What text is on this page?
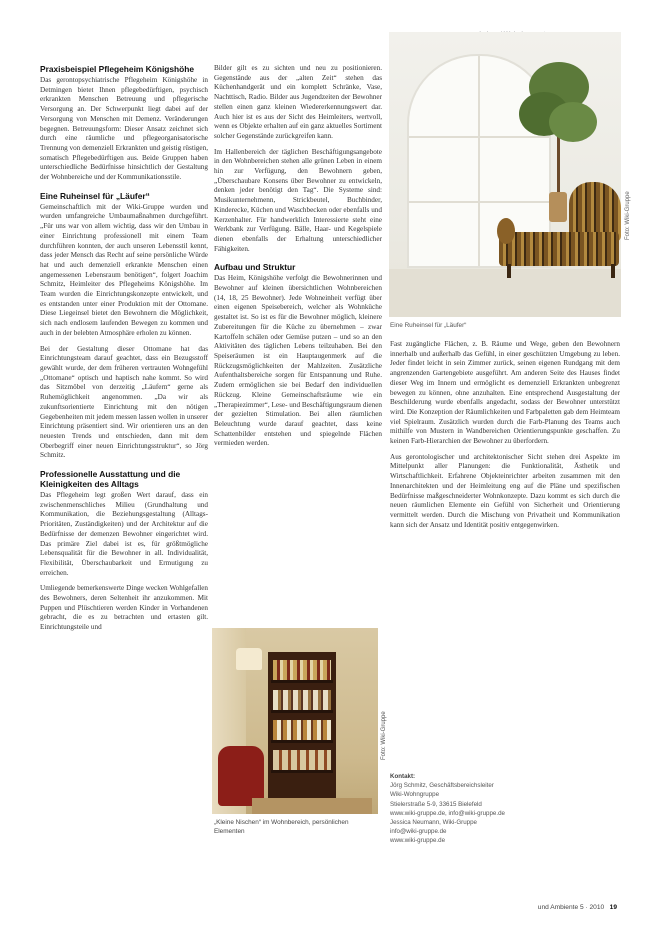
Praxisbeispiel Pflegeheim Königshöhe

Das gerontopsychiatrische Pflegeheim Königshöhe in Detmingen bietet Ihnen pflegebedürftigen, psychisch erkrankten Menschen Betreuung und pflegerische Versorgung an. Der Schwerpunkt liegt dabei auf der Versorgung von Menschen mit Demenz. Veränderungen begegnen. Betreuungsform: Dieser Ansatz zeichnet sich durch eine räumliche und pflegeorganisatorische Trennung von demenziell Erkrankten und geistig rüstigen, somatisch Pflegebedürftigen aus. Beide Gruppen haben unterschiedliche Bedürfnisse hinsichtlich der Gestaltung der Wohnbereiche und der Kommunikationsstile.

Eine Ruheinsel für „Läufer“

Gemeinschaftlich mit der Wiki-Gruppe wurden und wurden umfangreiche Umbaumaßnahmen durchgeführt. „Für uns war von allem wichtig, dass wir den Umbau in einer Einrichtung professionell mit einem Team durchführen konnten, der auch unseren Lebensstil kennt, dass jeder Mensch das Recht auf seine persönliche Würde hat und auch demenziell erkrankte Menschen einen angemessenen Lebensraum benötigen“, folgert Joachim Schmitz, Heimleiter des Pflegeheims Königshöhe. Im Team wurden die Einrichtungskonzepte entwickelt, und es entstanden unter einer Produktion mit der Ottomane. Diese Liegeinsel bietet den Bewohnern die Möglichkeit, sich nach endlosem laufenden Bewegen zu kommen und auch in der belebten Atmosphäre erholen zu können.

Bei der Gestaltung dieser Ottomane hat das Einrichtungsteam darauf geachtet, dass ein Bezugsstoff gewählt wurde, der dem früheren vertrauten Wohngefühl „Ottomane“ optisch und haptisch nahe kommt. So wird das Sitzmöbel von derzeitig „Läufern“ gerne als Ruhemöglichkeit angenommen. „Da wir als zukunftsorientierte Einrichtung mit den nötigen Gegebenheiten mit jedem messen lassen wollen in unserer Einrichtung präsentiert sind. Wir orientieren uns an den neuesten Trends und entschieden, dann mit dem Oberbegriff einer neuen Einrichtungsstruktur“, so Jörg Schmitz.

Professionelle Ausstattung und die Kleinigkeiten des Alltags

Das Pflegeheim legt großen Wert darauf, dass ein zwischenmenschliches Milieu (Grundhaltung und Kommunikation, die Beziehungsgestaltung (Alltags-Prioritäten, Zuständigkeiten) und der Architektur auf die Bedürfnisse der demenzen Bewohner eingerichtet wird. Das primäre Ziel dabei ist es, für größtmögliche Lebensqualität für die Bewohner in all. Individualität, Flexibilität, Überschaubarkeit und Ermutigung zu erreichen.

Umliegende bemerkenswerte Dinge wecken Wohlgefallen des Bewohners, deren Seltenheit ihr anzukommen. Mit Puppen und Plüschtieren werden Kinder in Vorhandenen gebracht, die es zu betrachten und ertasten gilt. Einrichtungsteile und

Bilder gilt es zu sichten und neu zu positionieren. Gegenstände aus der „alten Zeit“ stehen das Küchenhandgerät und ein komplett Schränke, Vase, Nachttisch, Radio. Bilder aus Jugendzeiten der Bewohner stellen einen ganz kleinen Wiedererkennungswert dar. Auch hier ist es aus der Sicht des Heimleiters, wertvoll, wenn es Objekte erhalten auf ein ganz aktuelles Sortiment solcher Gegenstände zurückgreifen kann.

Im Hallenbereich der täglichen Beschäftigungsangebote in den Wohnbereichen stehen alle grünen Leben in einem hin zur Verfügung, den Bewohnern geben, „Überschaubare Konsens über Bewohner zu entwickeln, denken jeder benötigt den Tag“. Die Systeme sind: Musikunternehmenn, Strickbeutel, Buchbinder, Kinderecke, Küchen und Waschbecken oder ebenfalls und Kerzenhalter. Für handwerklich Interessierte steht eine Werkbank zur Verfügung. Bälle, Haar- und Kegelspiele dienen ebenfalls der Erhaltung unterschiedlicher Fähigkeiten.

Aufbau und Struktur

Das Heim, Königshöhe verfolgt die Bewohnerinnen und Bewohner auf kleinen übersichtlichen Wohnbereichen (14, 18, 25 Bewohner). Jede Wohneinheit verfügt über einen eigenen Speisebereich, welcher als Wohnküche gestaltet ist. So ist es für die Bewohner möglich, kleinere Zubereitungen für die Küche zu übernehmen – zwar Kartoffeln schälen oder Gemüse putzen – und so an den Aktivitäten des täglichen Lebens teilzuhaben. Bei den Speiseräumen ist ein Hauptaugenmerk auf die Rückzugsmöglichkeiten der Mahlzeiten. Zusätzliche Aufenthaltsbereiche sorgen für Entspannung und Ruhe. Zudem ermöglichen sie bei Bedarf den individuellen Rückzug. Kleine Gemeinschaftsräume wie ein „Therapiezimmer“, Lese- und Beschäftigungsraum dienen der gezielten Stimulation. Bei allen räumlichen Beleuchtung wurde darauf geachtet, dass keine Schattenbilder entstehen und spiegelnde Flächen vermieden werden.

Eine Ruheinsel für „Läufer“
Foto: Wiki-Gruppe

Fast zugängliche Flächen, z. B. Räume und Wege, geben den Bewohnern innerhalb und außerhalb das Gefühl, in einer geschützten Umgebung zu leben. Jeder findet leicht in sein Zimmer zurück, seinen eigenen Rundgang mit dem angrenzenden Gartengebiete ausgeführt. Am anderen Seite des Hauses findet dieser Weg im Innern und ermöglicht es demenziell Erkrankten unbegrenzt bewegen zu können, ohne anzuhalten. Eine entsprechend Ausgestaltung der Beschilderung wurde ebenfalls angedacht, sodass der Bewohner unterstützt wird. Die Konzeption der Räumlichkeiten und Farbpaletten gab dem Heimteam viel Spielraum. Zusätzlich wurden durch die Farb-Planung des Teams auch mithilfe von Mustern in Wandbereichen Orientierungspunkte geschaffen. Zu keinen Farb-Hierarchien der Bewohner zu überfordern.

Aus gerontologischer und architektonischer Sicht stehen drei Aspekte im Mittelpunkt aller Planungen: die Funktionalität, Ästhetik und Wirtschaftlichkeit. Erfahrene Objekteinrichter arbeiten zusammen mit den Innenarchitekten und der Heimleitung eng auf die Pläne und spezifischen Bedürfnisse maßgeschneiderter Wohnkonzepte. Dazu kommt es sich durch die neuen räumlichen Elemente ein Gefühl von Sicherheit und Orientierung vermittelt werden. Durch die Mischung von Privatheit und Kommunikation kann sich der Ansatz und Identität positiv entgegenwirken.

Foto: Wiki-Gruppe
„Kleine Nischen“ im Wohnbereich, persönlichen Elementen
Kontakt:
Jörg Schmitz, Geschäftsbereichsleiter
Wiki-Wohngruppe
Stielerstraße 5-9, 33615 Bielefeld
www.wiki-gruppe.de, info@wiki-gruppe.de
Jessica Neumann, Wiki-Gruppe
info@wiki-gruppe.de
www.wiki-gruppe.de
und Ambiente 5 · 2010 19
